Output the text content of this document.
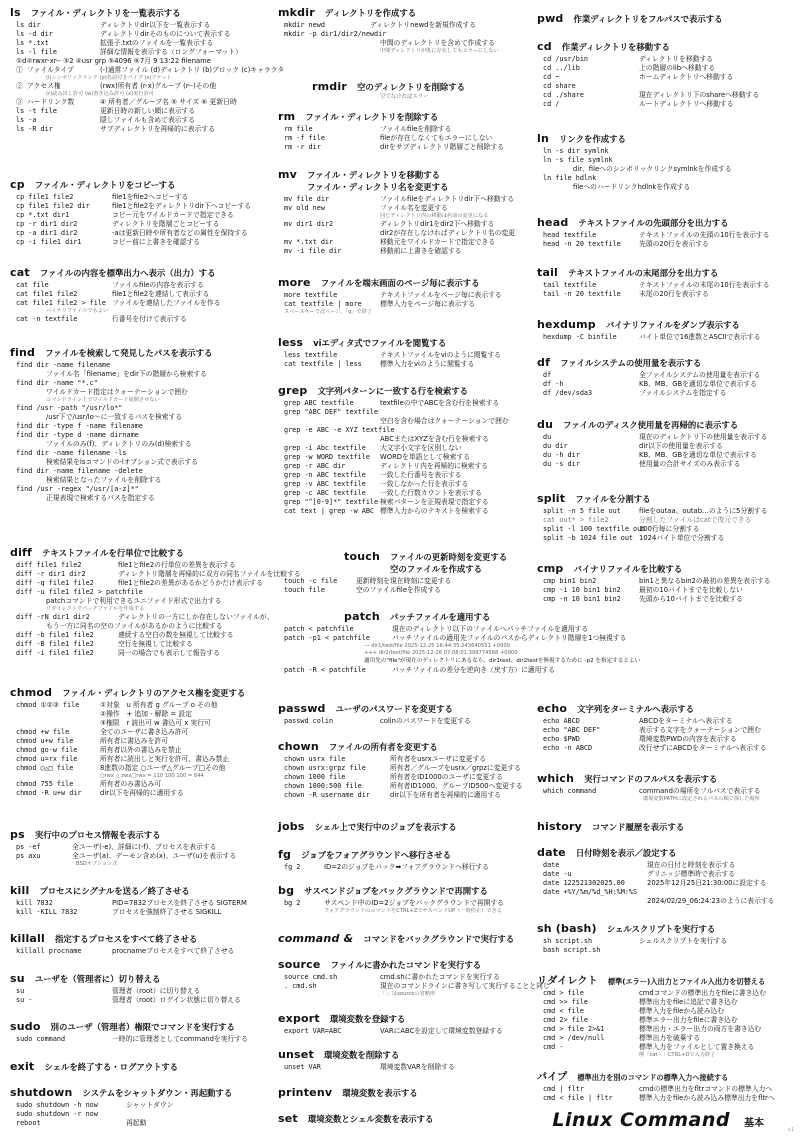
ls ファイル・ディレクトリを一覧表示する
ls dir	ディレクトリdir以下を一覧表示する
ls -d dir	ディレクトリdirそのものについて表示する
ls *.txt	拡張子.txtのファイルを一覧表示する
ls -l file	詳細な情報を表示する（ロングフォーマット）
①d②rwxr-xr-- ③2 ④usr grp ⑤4096 ⑥7月 9 13:22 filename
① ファイルタイプ	(-)通常ファイル (d)ディレクトリ (b)ブロック (c)キャラクタ
(l)シンボリックリンク (p)名前付きパイプ (s)ソケット
② アクセス権	(rwx)所有者 (r-x)グループ (r--)その他
(r)読み出し許可 (w)書き込み許可 (x)実行許可
③ ハードリンク数	④ 所有者／グループ名 ⑤ サイズ ⑥ 更新日時
ls -t file	更新日時の新しい順に表示する
ls -a	隠しファイルも含めて表示する
ls -R dir	サブディレクトリを再帰的に表示する
cp ファイル・ディレクトリをコピーする
cp file1 file2	file1をfile2へコピーする
cp file1 file2 dir	file1とfile2をディレクトリdir下へコピーする
cp *.txt dir1	コピー元をワイルドカードで指定できる
cp -r dir1 dir2	ディレクトリを階層ごとコピーする
cp -a dir1 dir2	-aは更新日時や所有者などの属性を保持する
cp -i file1 dir1	コピー前に上書きを確認する
cat ファイルの内容を標準出力へ表示（出力）する
cat file	ファイルfileの内容を表示する
cat file1 file2	file1とfile2を連結して表示する
cat file1 file2 > file ファイルを連結したファイルを作る
バイナリファイルでもよい
cat -n textfile	行番号を付けて表示する
find ファイルを検索して発見したパスを表示する
find dir -name filename
ファイル名「filename」をdir下の階層から検索する
find dir -name "*.c"
ワイルドカード指定はクォーテーションで囲む
コマンドライン上でワイルドカード展開させない
find /usr -path "/usr/lo*"
/usr下で/usr/lo〜に一致するパスを検索する
find dir -type f -name filename
find dir -type d -name dirname
ファイルのみ(f)、ディレクトリのみ(d)検索する
find dir -name filename -ls
検索結果をlsコマンドの-lオプション式で表示する
find dir -name filename -delete
検索結果となったファイルを削除する
find /usr -regex "/usr/[a-z]*"
正規表現で検索するパスを指定する
diff テキストファイルを行単位で比較する
diff file1 file2	file1とfile2の行単位の差異を表示する
diff -r dir1 dir2	ディレクトリ階層を再帰的に双方の同名ファイルを比較する
diff -q file1 file2	file1とfile2の差異があるかどうかだけ表示する
diff -u file1 file2 > patchfile
patchコマンドで利用できるユニファイド形式で出力する
リダイレクトでパッチファイルを作成する
diff -rN dir1 dir2	ディレクトリの一方にしか存在しないファイルが、
もう一方に同名の空のファイルがあるかのように比較する
diff -b file1 file2	連続する空白の数を無視して比較する
diff -B file1 file2	空行を無視して比較する
diff -i file1 file2	同一の場合でも表示して報告する
chmod ファイル・ディレクトリのアクセス権を変更する
chmod ①②③ file	①対象　u 所有者 g グループ o その他
②操作　+ 追加 - 解除 = 設定
③権限　r 読出可 w 書込可 x 実行可
chmod +w file	全てのユーザに書き込み許可
chmod u+w file	所有者に書込みを許可
chmod go-w file	所有者以外の書込みを禁止
chmod u=rx file	所有者に読出しと実行を許可、書込み禁止
chmod ○△□ file	8進数の指定 ○ユーザ△グループ□その他
○rwx △ zwx□rwx = 110 100 100 = 644
chmod 755 file	所有者のみ書込み可
chmod -R u+w dir	dir以下を再帰的に適用する
ps 実行中のプロセス情報を表示する
ps -ef	全ユーザ(-e)、詳細に(-f)、プロセスを表示する
ps axu	全ユーザ(a)、デーモン含め(x)、ユーザ(u)を表示する
BSDオプション式
kill プロセスにシグナルを送る／終了させる
kill 7832	PID=7832プロセスを終了させる SIGTERM
kill -KILL 7832	プロセスを強制終了させる SIGKILL
killall 指定するプロセスをすべて終了させる
killall procname	procnameプロセスをすべて終了させる
su ユーザを（管理者に）切り替える
su	管理者（root）に切り替える
su -	管理者（root）ログイン状態に切り替える
sudo 別のユーザ（管理者）権限でコマンドを実行する
sudo command	一時的に管理者としてcommandを実行する
exit シェルを終了する・ログアウトする
shutdown システムをシャットダウン・再起動する
sudo shutdown -h now	シャットダウン
sudo shutdown -r now
reboot	再起動
mkdir ディレクトリを作成する
mkdir newd	ディレクトリnewdを新規作成する
mkdir -p dir1/dir2/newdir
中間のディレクトリを含めて作成する
中間ディレクトリが既に存在してもエラーにしない
rmdir 空のディレクトリを削除する
空でなければエラー
rm ファイル・ディレクトリを削除する
rm file	ファイルfileを削除する
rm -f file	fileが存在しなくてもエラーにしない
rm -r dir	dirをサブディレクトリ階層ごと削除する
mv ファイル・ディレクトリを移動する
ファイル・ディレクトリ名を変更する
mv file dir	ファイルfileをディレクトリdir下へ移動する
mv old new	ファイル名を変更する
同じディレクトリ内の移動は名前の変更になる
mv dir1 dir2	ディレクトリdir1をdir2下へ移動する
dir2が存在しなければディレクトリ名の変更
mv *.txt dir	移動元をワイルドカードで指定できる
mv -i file dir	移動前に上書きを確認する
more ファイルを端末画面のページ毎に表示する
more textfile	テキストファイルをページ毎に表示する
cat textfile | more	標準入力をページ毎に表示する
スペースキーで次ページ、「q」で終了
less viエディタ式でファイルを閲覧する
less textfile	テキストファイルをviのように閲覧する
cat textfile | less	標準入力をviのように閲覧する
grep 文字列パターンに一致する行を検索する
grep ABC textfile	textfileの中でABCを含む行を検索する
grep "ABC DEF" textfile
空白を含む場合はクォーテーションで囲む
grep -e ABC -e XYZ textfile
ABCまたはXYZを含む行を検索する
grep -i Abc textfile	大文字小文字を区別しない
grep -w WORD textfile	WORDを単語として検索する
grep -r ABC dir	ディレクトリ内を再帰的に検索する
grep -n ABC textfile	一致した行番号を表示する
grep -v ABC textfile	一致しなかった行を表示する
grep -c ABC textfile	一致した行数カウントを表示する
grep "^[0-9]*" textfile 検索パターンを正規表現で指定する
cat text | grep -w ABC 標準入力からのテキストを検索する
touch ファイルの更新時刻を変更する
空のファイルを作成する
touch -c file	更新時刻を現在時刻に変更する
touch file	空のファイルfileを作成する
patch パッチファイルを適用する
patch < patchfile	現在のディレクトリ以下のファイルへパッチファイルを適用する
patch -p1 < patchfile	パッチファイルの適用先ファイルのパスからディレクトリ階層を1つ無視する
--- dir1/test/file 2025-12-25 16:44:35.243640551 +0900
+++ dir2/test/file 2025-12-26 07:08:01.399774568 +0900
適用先の"file"が現在のディレクトリにあるなら、dir1test、dir2testを無視するために -p2 を指定するとよい
patch -R < patchfile	パッチファイルの差分を逆向き（戻す方）に適用する
passwd ユーザのパスワードを変更する
passwd colin	colinのパスワードを変更する
chown ファイルの所有者を変更する
chown usrx file	所有者をusrxユーザに変更する
chown usrx:grpz file	所有者／グループをusrx／grpzに変更する
chown 1000 file	所有者をID1000のユーザに変更する
chown 1000:500 file	所有者ID1000、グループID500へ変更する
chown -R username dir	dir以下を所有者を再帰的に適用する
jobs シェル上で実行中のジョブを表示する
fg ジョブをフォアグラウンドへ移行させる
fg 2	ID=2のジョブをバック➡フォアグラウンドへ移行する
bg サスペンドジョブをバックグラウンドで再開する
bg 2	サスペンド中のID=2ジョブをバックグラウンドで再開する
フォアグラウンドのコマンドをCTRL+ZでサスペンドUP（一時停止）できる
command & コマンドをバックグラウンドで実行する
source ファイルに書かれたコマンドを実行する
source cmd.sh	cmd.shに書かれたコマンドを実行する
. cmd.sh	現在のコマンドラインに書き写して実行することと同じ
「.」はsourceの省略形
export 環境変数を登録する
export VAR=ABC	VARにABCを設定して環境変数登録する
unset 環境変数を削除する
unset VAR	環境変数VARを削除する
printenv 環境変数を表示する
set 環境変数とシェル変数を表示する
pwd 作業ディレクトリをフルパスで表示する
cd 作業ディレクトリを移動する
cd /usr/bin	ディレクトリを移動する
cd ../lib	上の階層のlibへ移動する
cd ~	ホームディレクトリへ移動する
cd share
cd ./share	現在ディレクトリ下のshareへ移動する
cd /	ルートディレクトリへ移動する
ln リンクを作成する
ln -s dir symlnk
ln -s file symlnk
dir、fileへのシンボリックリンクsymlnkを作成する
ln file hdlnk
fileへのハードリンクhdlnkを作成する
head テキストファイルの先頭部分を出力する
head textfile	テキストファイルの先頭の10行を表示する
head -n 20 textfile	先頭の20行を表示する
tail テキストファイルの末尾部分を出力する
tail textfile	テキストファイルの末尾の10行を表示する
tail -n 20 textfile	末尾の20行を表示する
hexdump バイナリファイルをダンプ表示する
hexdump -C binfile	バイト単位で16進数とASCIIで表示する
df ファイルシステムの使用量を表示する
df	全ファイルシステムの使用量を表示する
df -h	KB、MB、GBを適切な単位で表示する
df /dev/sda3	ファイルシステムを指定する
du ファイルのディスク使用量を再帰的に表示する
du	現在のディレクトリ下の使用量を表示する
du dir	dir以下の使用量を表示する
du -h dir	KB、MB、GBを適切な単位で表示する
du -s dir	使用量の合計サイズのみ表示する
split ファイルを分割する
split -n 5 file out	fileをoutaa、outab…のように5分割する
cat out* > file2	分割したファイルはcatで復元できる
split -l 100 textfile out
100行毎に分割する
split -b 1024 file out 1024バイト単位で分割する
cmp バイナリファイルを比較する
cmp bin1 bin2	bin1と異なるbin2の最初の差異を表示する
cmp -i 10 bin1 bin2	最初の10バイトまでを比較しない
cmp -n 10 bin1 bin2	先頭から10バイトまでを比較する
echo 文字列をターミナルへ表示する
echo ABCD	ABCDをターミナルへ表示する
echo "ABC DEF"	表示する文字をクォーテーションで囲む
echo $PWD	環境変数PWDの内容を表示する
echo -n ABCD	改行せずにABCDをターミナルへ表示する
which 実行コマンドのフルパスを表示する
which command	commandの場所をフルパスで表示する
環境変数PATHに設定されるパスの順で探した場所
history コマンド履歴を表示する
date 日付時刻を表示／設定する
date	現在の日付と時刻を表示する
date -u	グリニッジ標準時で表示する
date 122521302025.00	2025年12月25日21:30:00に設定する
date +%Y/%m/%d_%H:%M:%S
2024/02/29_06:24:23のように表示する
sh (bash) シェルスクリプトを実行する
sh script.sh	シェルスクリプトを実行する
bash script.sh
リダイレクト 標準(エラー)入出力とファイル入出力を切替える
cmd > file	cmdコマンドの標準出力をfileに書き込む
cmd >> file	標準出力をfileに追記で書き込む
cmd < file	標準入力をfileから読み込む
cmd 2> file	標準エラー出力をfileに書き込む
cmd > file 2>&1	標準出力・エラー出力の両方を書き込む
cmd > /dev/null	標準出力を破棄する
cmd -	標準入力をファイルとして置き換える
例「cat - 」CTRL+Dで入力終了
パイプ 標準出力を別のコマンドの標準入力へ接続する
cmd | fltr	cmdの標準出力をfltrコマンドの標準入力へ
cmd < file | fltr	標準入力をfileから読み込み標準出力をfltrへ
Linux Command 基本
v1
